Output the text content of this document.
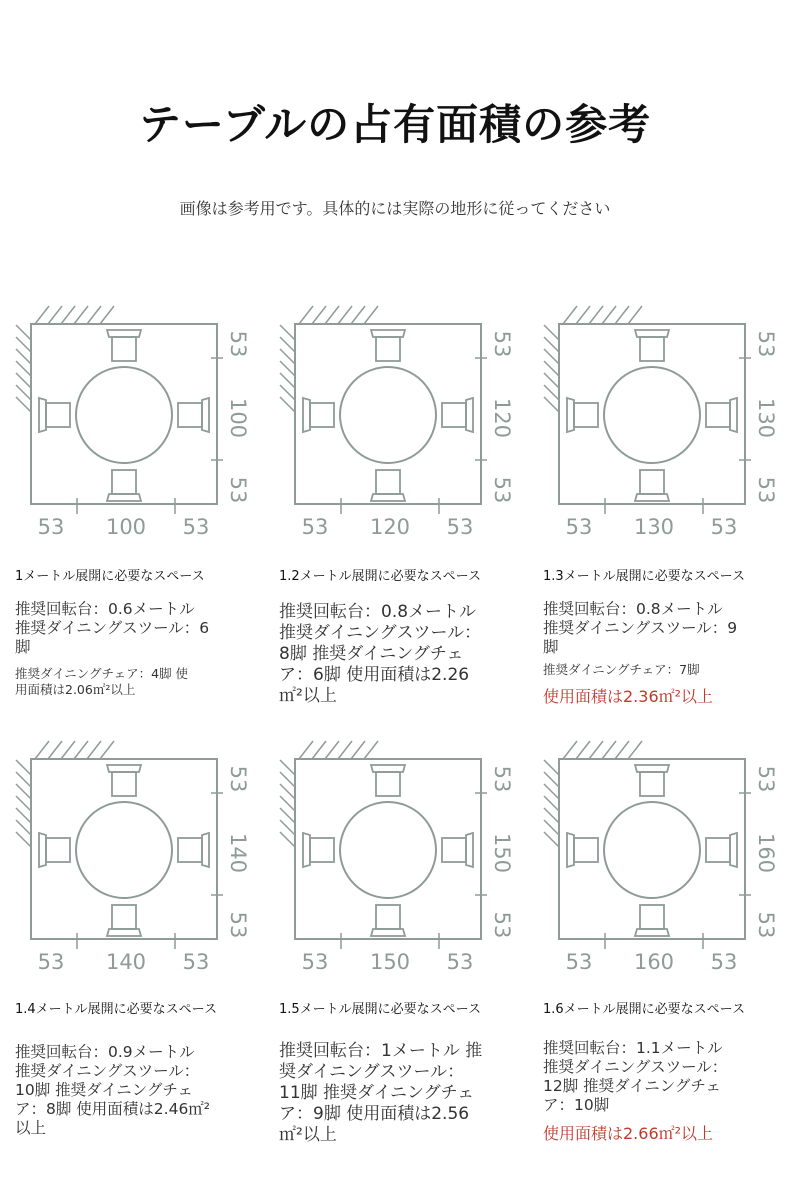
テーブルの占有面積の参考
画像は参考用です。具体的には実際の地形に従ってください
53
100
53
53 100 53
1メートル展開に必要なスペース
推奨回転台：0.6メートル 推奨ダイニングスツール：6脚
推奨ダイニングチェア：4脚 使用面積は2.06㎡²以上
53
120
53
53 120 53
1.2メートル展開に必要なスペース
推奨回転台：0.8メートル 推奨ダイニングスツール：8脚 推奨ダイニングチェア：6脚 使用面積は2.26㎡²以上
53
130
53
53 130 53
1.3メートル展開に必要なスペース
推奨回転台：0.8メートル 推奨ダイニングスツール：9脚
推奨ダイニングチェア：7脚
使用面積は2.36㎡²以上
53
140
53
53 140 53
1.4メートル展開に必要なスペース
推奨回転台：0.9メートル 推奨ダイニングスツール：10脚 推奨ダイニングチェア：8脚 使用面積は2.46㎡²以上
53
150
53
53 150 53
1.5メートル展開に必要なスペース
推奨回転台：1メートル 推奨ダイニングスツール：11脚 推奨ダイニングチェア：9脚 使用面積は2.56㎡²以上
53
160
53
53 160 53
1.6メートル展開に必要なスペース
推奨回転台：1.1メートル 推奨ダイニングスツール：12脚 推奨ダイニングチェア：10脚
使用面積は2.66㎡²以上
